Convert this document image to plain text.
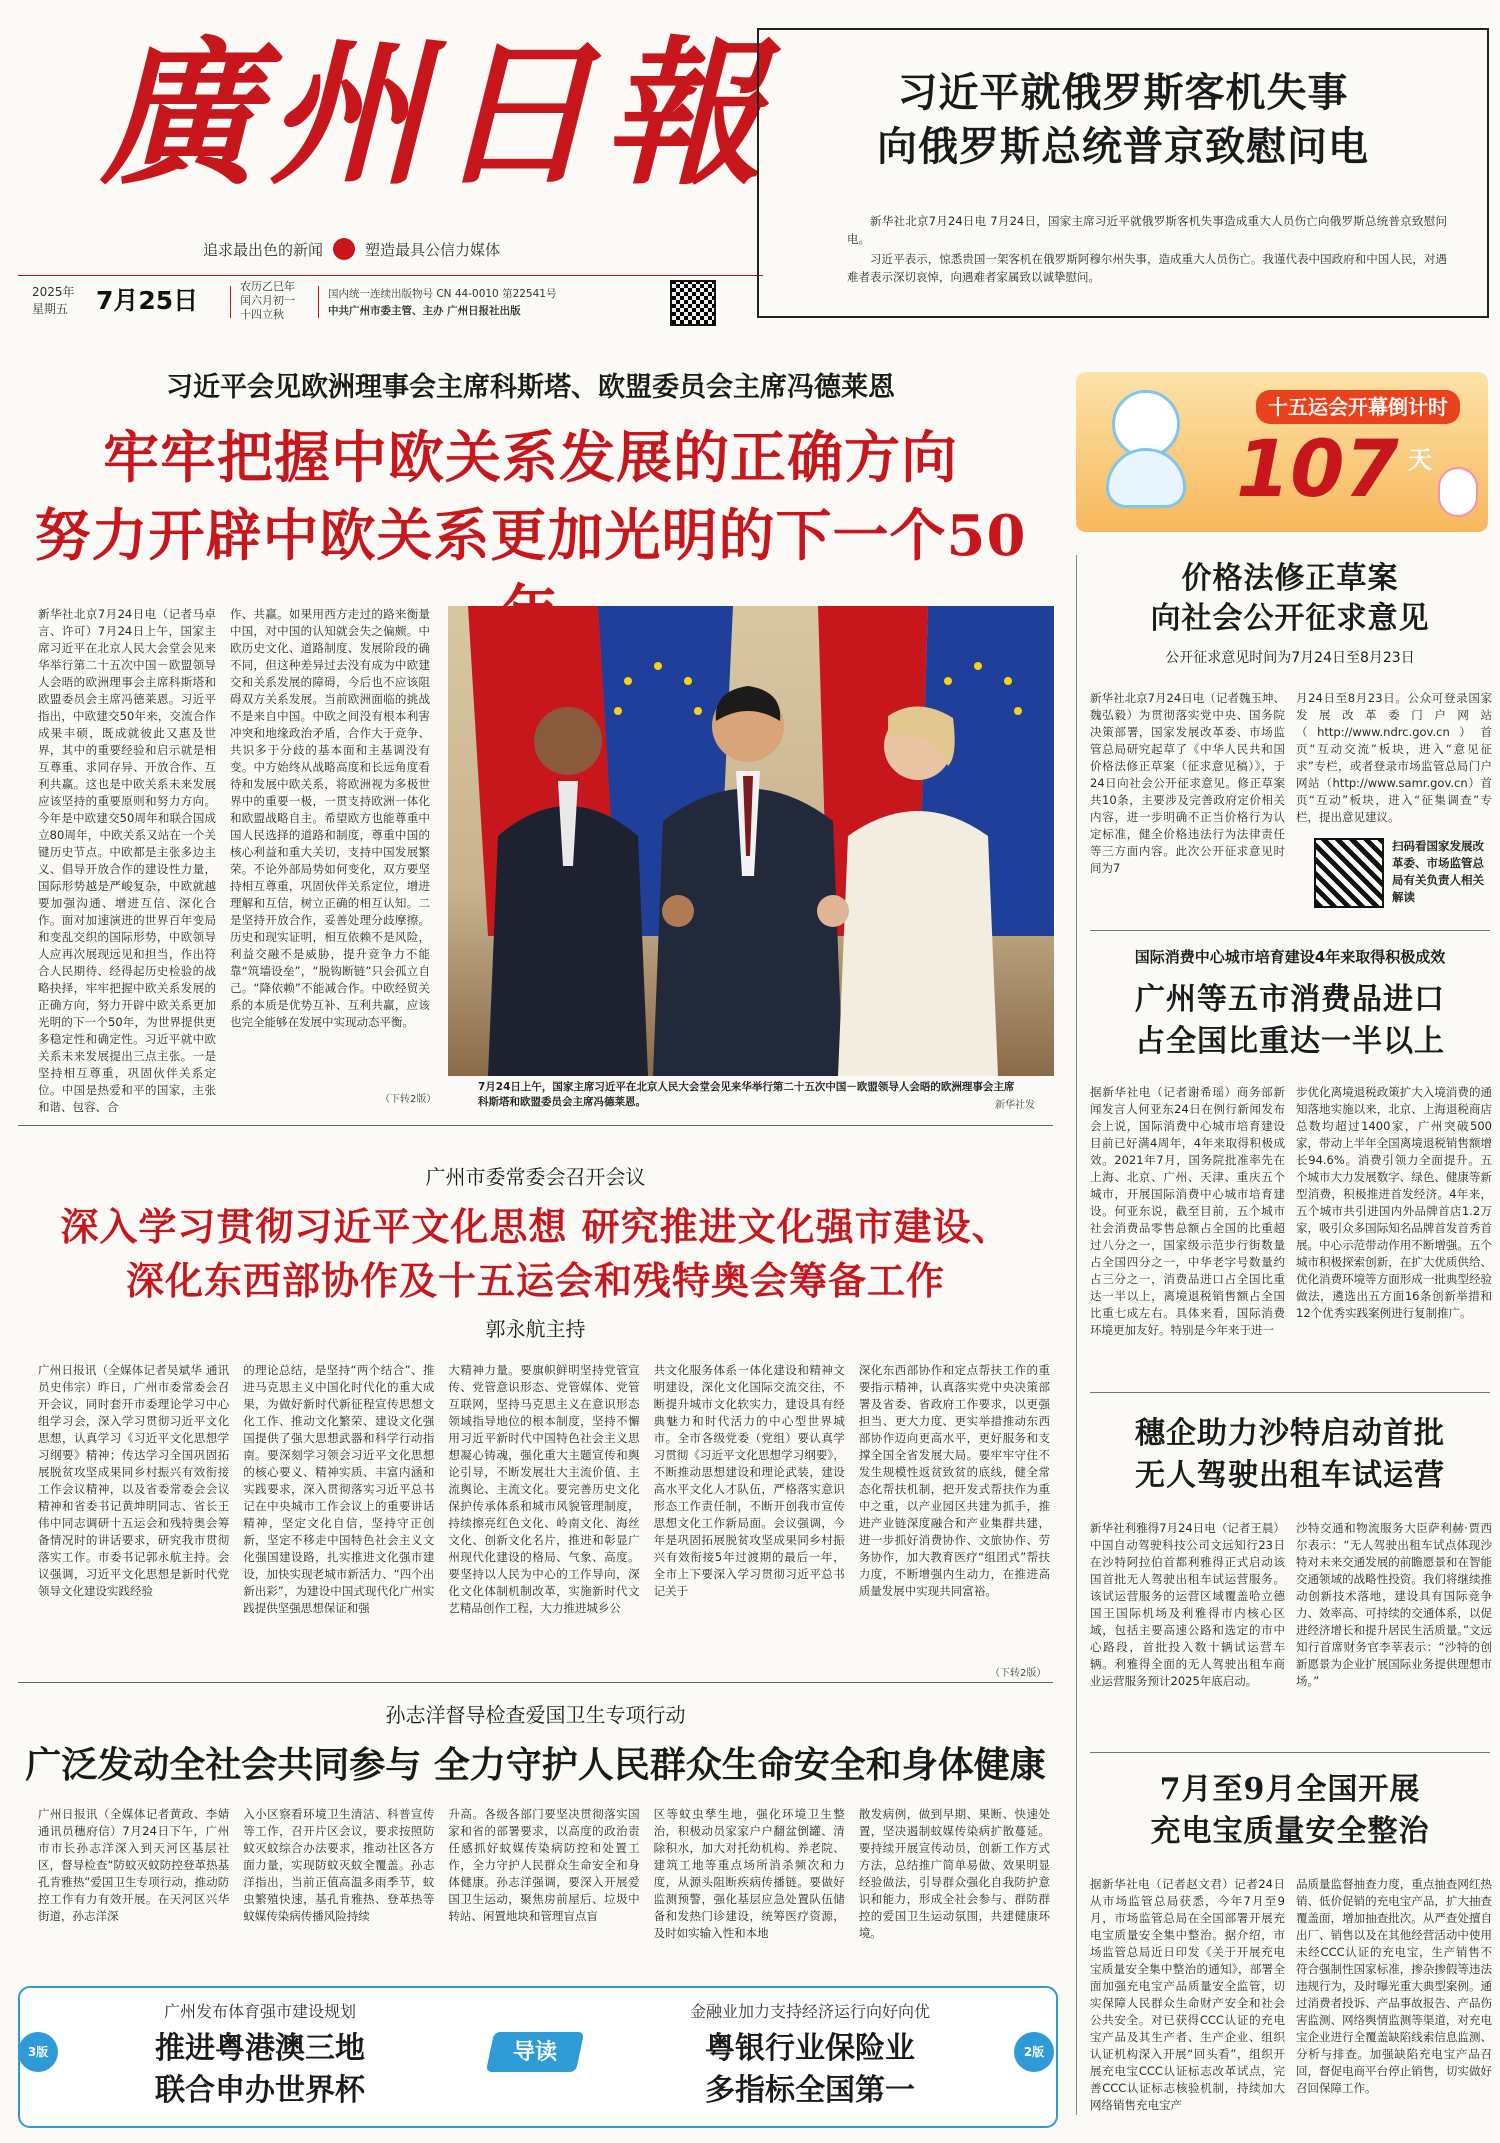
廣州日報
追求最出色的新闻	塑造最具公信力媒体
2025年
星期五 7月25日	农历乙巳年
闰六月初一
十四立秋
国内统一连续出版物号 CN 44-0010 第22541号
中共广州市委主管、主办 广州日报社出版
习近平就俄罗斯客机失事
向俄罗斯总统普京致慰问电

新华社北京7月24日电 7月24日，国家主席习近平就俄罗斯客机失事造成重大人员伤亡向俄罗斯总统普京致慰问电。

习近平表示，惊悉贵国一架客机在俄罗斯阿穆尔州失事，造成重大人员伤亡。我谨代表中国政府和中国人民，对遇难者表示深切哀悼，向遇难者家属致以诚挚慰问。

习近平会见欧洲理事会主席科斯塔、欧盟委员会主席冯德莱恩
牢牢把握中欧关系发展的正确方向
努力开辟中欧关系更加光明的下一个50

新华社北京7月24日电（记者马卓言、许可）7月24日上午，国家主席习近平在北京人民大会堂会见来华举行第二十五次中国－欧盟领导人会晤的欧洲理事会主席科斯塔和欧盟委员会主席冯德莱恩。习近平指出，中欧建交50年来，交流合作成果丰硕，既成就彼此又惠及世界，其中的重要经验和启示就是相互尊重、求同存异、开放合作、互利共赢。这也是中欧关系未来发展应该坚持的重要原则和努力方向。今年是中欧建交50周年和联合国成立80周年，中欧关系又站在一个关键历史节点。中欧都是主张多边主义、倡导开放合作的建设性力量，国际形势越是严峻复杂，中欧就越要加强沟通、增进互信、深化合作。面对加速演进的世界百年变局和变乱交织的国际形势，中欧领导人应再次展现远见和担当，作出符合人民期待、经得起历史检验的战略抉择，牢牢把握中欧关系发展的正确方向，努力开辟中欧关系更加光明的下一个50年，为世界提供更多稳定性和确定性。习近平就中欧关系未来发展提出三点主张。一是坚持相互尊重，巩固伙伴关系定位。中国是热爱和平的国家，主张和谐、包容、合

作、共赢。如果用西方走过的路来衡量中国，对中国的认知就会失之偏颇。中欧历史文化、道路制度、发展阶段的确不同，但这种差异过去没有成为中欧建交和关系发展的障碍，今后也不应该阻碍双方关系发展。当前欧洲面临的挑战不是来自中国。中欧之间没有根本利害冲突和地缘政治矛盾，合作大于竞争、共识多于分歧的基本面和主基调没有变。中方始终从战略高度和长远角度看待和发展中欧关系，将欧洲视为多极世界中的重要一极，一贯支持欧洲一体化和欧盟战略自主。希望欧方也能尊重中国人民选择的道路和制度，尊重中国的核心利益和重大关切，支持中国发展繁荣。不论外部局势如何变化，双方要坚持相互尊重，巩固伙伴关系定位，增进理解和互信，树立正确的相互认知。二是坚持开放合作，妥善处理分歧摩擦。历史和现实证明，相互依赖不是风险，利益交融不是威胁，提升竞争力不能靠“筑墙设垒”，“脱钩断链”只会孤立自己。“降依赖”不能减合作。中欧经贸关系的本质是优势互补、互利共赢，应该也完全能够在发展中实现动态平衡。

（下转2版）
7月24日上午，国家主席习近平在北京人民大会堂会见来华举行第二十五次中国－欧盟领导人会晤的欧洲理事会主席科斯塔和欧盟委员会主席冯德莱恩。	新华社发
十五运会开幕倒计时
107 天
价格法修正草案
向社会公开征求意见
公开征求意见时间为7月24日至8月23日

新华社北京7月24日电（记者魏玉坤、魏弘毅）为贯彻落实党中央、国务院决策部署，国家发展改革委、市场监管总局研究起草了《中华人民共和国价格法修正草案（征求意见稿）》，于24日向社会公开征求意见。修正草案共10条，主要涉及完善政府定价相关内容，进一步明确不正当价格行为认定标准，健全价格违法行为法律责任等三方面内容。此次公开征求意见时间为7

月24日至8月23日。公众可登录国家发展改革委门户网站（http://www.ndrc.gov.cn）首页“互动交流”板块，进入“意见征求”专栏，或者登录市场监管总局门户网站（http://www.samr.gov.cn）首页“互动”板块，进入“征集调查”专栏，提出意见建议。

扫码看国家发展改革委、市场监管总局有关负责人相关解读
国际消费中心城市培育建设4年来取得积极成效
广州等五市消费品进口
占全国比重达一半以上

据新华社电（记者谢希瑶）商务部新闻发言人何亚东24日在例行新闻发布会上说，国际消费中心城市培育建设目前已好满4周年，4年来取得积极成效。2021年7月，国务院批准率先在上海、北京、广州、天津、重庆五个城市，开展国际消费中心城市培育建设。何亚东说，截至目前，五个城市社会消费品零售总额占全国的比重超过八分之一，国家级示范步行街数量占全国四分之一，中华老字号数量约占三分之一，消费品进口占全国比重达一半以上，离境退税销售额占全国比重七成左右。具体来看，国际消费环境更加友好。特别是今年来于进一

步优化离境退税政策扩大入境消费的通知落地实施以来，北京、上海退税商店总数均超过1400家，广州突破500家，带动上半年全国离境退税销售额增长94.6%。消费引领力全面提升。五个城市大力发展数字、绿色、健康等新型消费，积极推进首发经济。4年来，五个城市共引进国内外品牌首店1.2万家，吸引众多国际知名品牌首发首秀首展。中心示范带动作用不断增强。五个城市积极探索创新，在扩大优质供给、优化消费环境等方面形成一批典型经验做法，遴选出五方面16条创新举措和12个优秀实践案例进行复制推广。

穗企助力沙特启动首批
无人驾驶出租车试运营

新华社利雅得7月24日电（记者王晨）中国自动驾驶科技公司文远知行23日在沙特阿拉伯首都利雅得正式启动该国首批无人驾驶出租车试运营服务。该试运营服务的运营区域覆盖哈立德国王国际机场及利雅得市内核心区域，包括主要高速公路和选定的市中心路段，首批投入数十辆试运营车辆。利雅得全面的无人驾驶出租车商业运营服务预计2025年底启动。

沙特交通和物流服务大臣萨利赫·贾西尔表示：“无人驾驶出租车试点体现沙特对未来交通发展的前瞻愿景和在智能交通领域的战略性投资。我们将继续推动创新技术落地，建设具有国际竞争力、效率高、可持续的交通体系，以促进经济增长和提升居民生活质量。”文远知行首席财务官李莘表示：“沙特的创新愿景为企业扩展国际业务提供理想市场。”

7月至9月全国开展
充电宝质量安全整治

据新华社电（记者赵文君）记者24日从市场监管总局获悉，今年7月至9月，市场监管总局在全国部署开展充电宝质量安全集中整治。据介绍，市场监管总局近日印发《关于开展充电宝质量安全集中整治的通知》，部署全面加强充电宝产品质量安全监管，切实保障人民群众生命财产安全和社会公共安全。对已获得CCC认证的充电宝产品及其生产者、生产企业、组织认证机构深入开展“回头看”，组织开展充电宝CCC认证标志改革试点，完善CCC认证标志核验机制，持续加大网络销售充电宝产

品质量监督抽查力度，重点抽查网红热销、低价促销的充电宝产品，扩大抽查覆盖面，增加抽查批次。从严查处擅自出厂、销售以及在其他经营活动中使用未经CCC认证的充电宝，生产销售不符合强制性国家标准，掺杂掺假等违法违规行为，及时曝光重大典型案例。通过消费者投诉、产品事故报告、产品伤害监测、网络舆情监测等渠道，对充电宝企业进行全覆盖缺陷线索信息监测、分析与排查。加强缺陷充电宝产品召回，督促电商平台停止销售，切实做好召回保障工作。

广州市委常委会召开会议
深入学习贯彻习近平文化思想 研究推进文化强市建设、
深化东西部协作及十五运会和残特奥会筹备工作
郭永航主持

广州日报讯（全媒体记者吴斌华 通讯员史伟宗）昨日，广州市委常委会召开会议，同时套开市委理论学习中心组学习会，深入学习贯彻习近平文化思想，认真学习《习近平文化思想学习纲要》精神；传达学习全国巩固拓展脱贫攻坚成果同乡村振兴有效衔接工作会议精神，以及省委常委会会议精神和省委书记黄坤明同志、省长王伟中同志调研十五运会和残特奥会筹备情况时的讲话要求，研究我市贯彻落实工作。市委书记郭永航主持。会议强调，习近平文化思想是新时代党领导文化建设实践经验

的理论总结，是坚持“两个结合”、推进马克思主义中国化时代化的重大成果，为做好新时代新征程宣传思想文化工作、推动文化繁荣、建设文化强国提供了强大思想武器和科学行动指南。要深刻学习领会习近平文化思想的核心要义、精神实质、丰富内涵和实践要求，深入贯彻落实习近平总书记在中央城市工作会议上的重要讲话精神，坚定文化自信，坚持守正创新，坚定不移走中国特色社会主义文化强国建设路，扎实推进文化强市建设，加快实现老城市新活力、“四个出新出彩”，为建设中国式现代化广州实践提供坚强思想保证和强

大精神力量。要旗帜鲜明坚持党管宣传、党管意识形态、党管媒体、党管互联网，坚持马克思主义在意识形态领域指导地位的根本制度，坚持不懈用习近平新时代中国特色社会主义思想凝心铸魂，强化重大主题宣传和舆论引导，不断发展壮大主流价值、主流舆论、主流文化。要完善历史文化保护传承体系和城市风貌管理制度，持续擦亮红色文化、岭南文化、海丝文化、创新文化名片，推进和彰显广州现代化建设的格局、气象、高度。要坚持以人民为中心的工作导向，深化文化体制机制改革，实施新时代文艺精品创作工程，大力推进城乡公

共文化服务体系一体化建设和精神文明建设，深化文化国际交流交往，不断提升城市文化软实力，建设具有经典魅力和时代活力的中心型世界城市。全市各级党委（党组）要认真学习贯彻《习近平文化思想学习纲要》，不断推动思想建设和理论武装，建设高水平文化人才队伍，严格落实意识形态工作责任制，不断开创我市宣传思想文化工作新局面。会议强调，今年是巩固拓展脱贫攻坚成果同乡村振兴有效衔接5年过渡期的最后一年，全市上下要深入学习贯彻习近平总书记关于

深化东西部协作和定点帮扶工作的重要指示精神，认真落实党中央决策部署及省委、省政府工作要求，以更强担当、更大力度、更实举措推动东西部协作迈向更高水平，更好服务和支撑全国全省发展大局。要牢牢守住不发生规模性返贫致贫的底线，健全常态化帮扶机制，把开发式帮扶作为重中之重，以产业园区共建为抓手，推进产业链深度融合和产业集群共建，进一步抓好消费协作、文旅协作、劳务协作，加大教育医疗“组团式”帮扶力度，不断增强内生动力，在推进高质量发展中实现共同富裕。

（下转2版）
孙志洋督导检查爱国卫生专项行动
广泛发动全社会共同参与 全力守护人民群众生命安全和身体健康

广州日报讯（全媒体记者黄政、李婧 通讯员穗府信）7月24日下午，广州市市长孙志洋深入到天河区基层社区，督导检查“防蚊灭蚊防控登革热基孔肯雅热”爱国卫生专项行动，推动防控工作有力有效开展。在天河区兴华街道，孙志洋深

入小区察看环境卫生清洁、科普宣传等工作，召开片区会议，要求按照防蚊灭蚊综合办法要求，推动社区各方面力量，实现防蚊灭蚊全覆盖。孙志洋指出，当前正值高温多雨季节，蚊虫繁殖快速，基孔肯雅热、登革热等蚊媒传染病传播风险持续

升高。各级各部门要坚决贯彻落实国家和省的部署要求，以高度的政治责任感抓好蚊媒传染病防控和处置工作，全力守护人民群众生命安全和身体健康。孙志洋强调，要深入开展爱国卫生运动，聚焦房前屋后、垃圾中转站、闲置地块和管理盲点盲

区等蚊虫孳生地，强化环境卫生整治，积极动员家家户户翻盆倒罐、清除积水，加大对托幼机构、养老院、建筑工地等重点场所消杀频次和力度，从源头阻断疾病传播链。要做好监测预警，强化基层应急处置队伍储备和发热门诊建设，统筹医疗资源，及时如实输入性和本地

散发病例，做到早期、果断、快速处置，坚决遏制蚊媒传染病扩散蔓延。要持续开展宣传动员，创新工作方式方法，总结推广简单易做、效果明显经验做法，引导群众强化自我防护意识和能力，形成全社会参与、群防群控的爱国卫生运动氛围，共建健康环境。

3版
广州发布体育强市建设规划
推进粤港澳三地
联合申办世界杯
导读
金融业加力支持经济运行向好向优
粤银行业保险业
多指标全国第一
2版
